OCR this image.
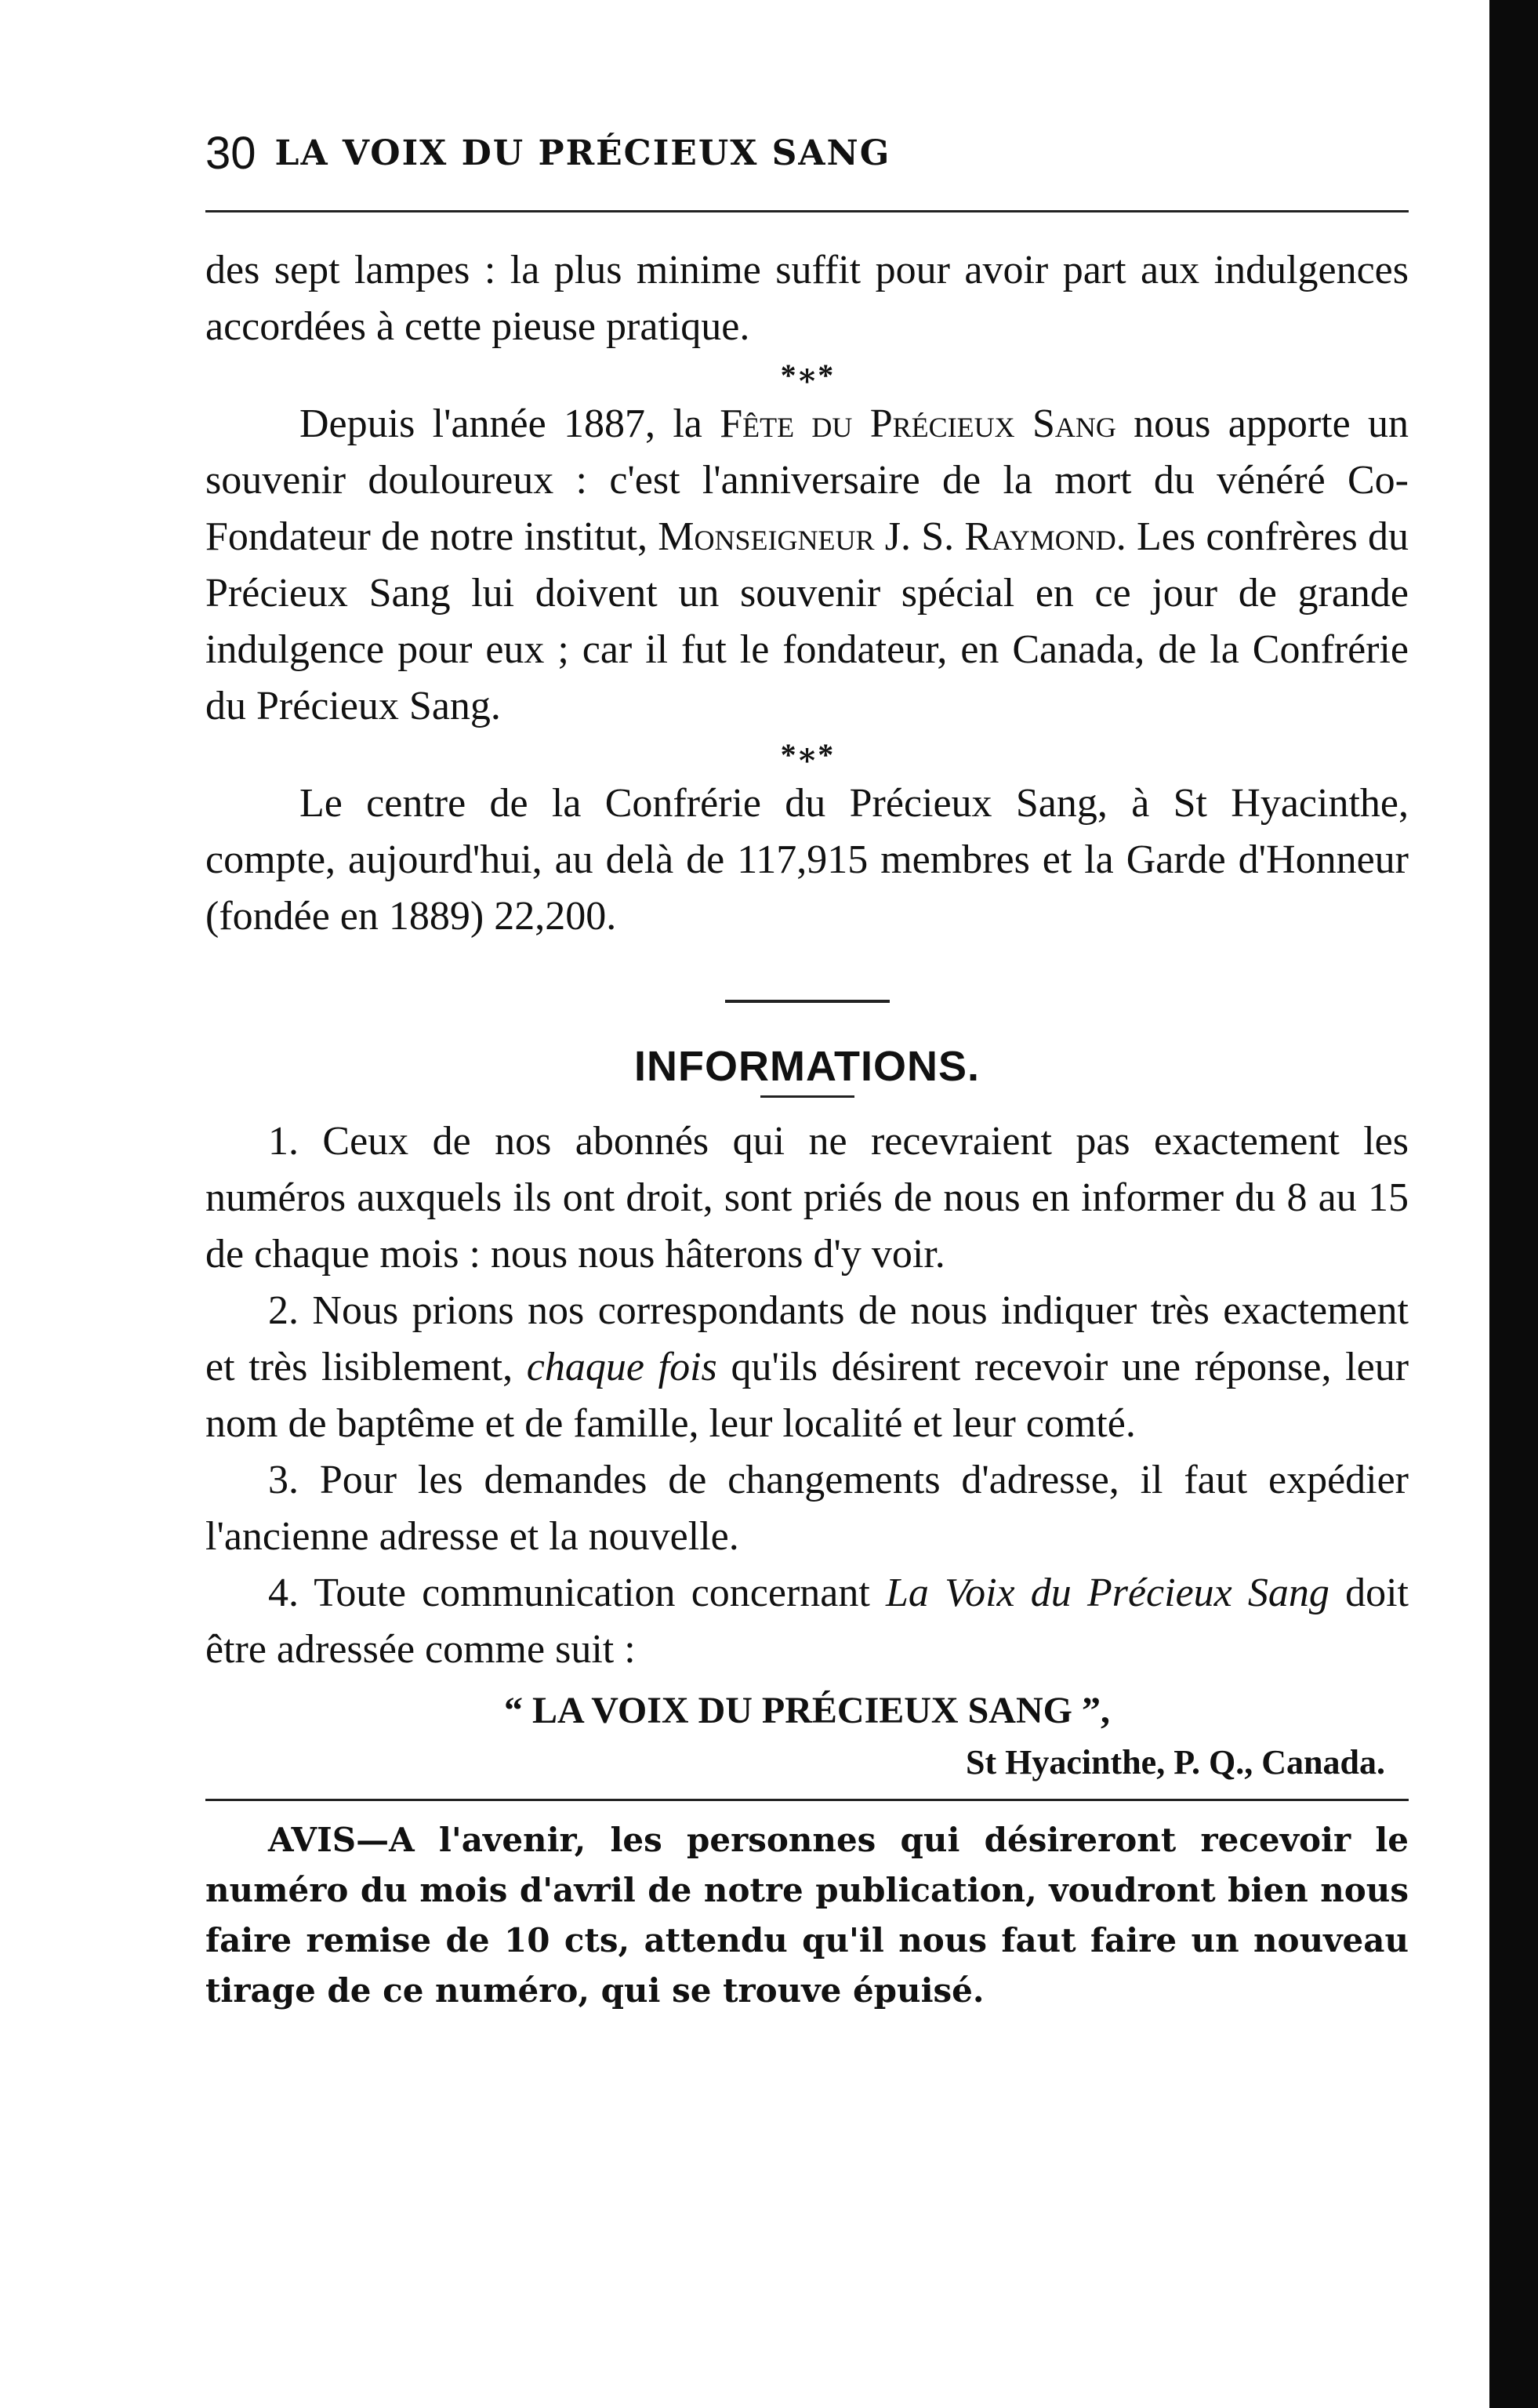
30 LA VOIX DU PRÉCIEUX SANG

des sept lampes : la plus minime suffit pour avoir part aux indulgences accordées à cette pieuse pratique.

*∗*

Depuis l'année 1887, la Fête du Précieux Sang nous apporte un souvenir douloureux : c'est l'anniversaire de la mort du vénéré Co-Fondateur de notre institut, Monseigneur J. S. Raymond. Les confrères du Précieux Sang lui doivent un souvenir spécial en ce jour de grande indulgence pour eux ; car il fut le fondateur, en Canada, de la Confrérie du Précieux Sang.

*∗*

Le centre de la Confrérie du Précieux Sang, à St Hyacinthe, compte, aujourd'hui, au delà de 117,915 membres et la Garde d'Honneur (fondée en 1889) 22,200.

INFORMATIONS.

1. Ceux de nos abonnés qui ne recevraient pas exactement les numéros auxquels ils ont droit, sont priés de nous en informer du 8 au 15 de chaque mois : nous nous hâterons d'y voir.

2. Nous prions nos correspondants de nous indiquer très exactement et très lisiblement, chaque fois qu'ils désirent recevoir une réponse, leur nom de baptême et de famille, leur localité et leur comté.

3. Pour les demandes de changements d'adresse, il faut expédier l'ancienne adresse et la nouvelle.

4. Toute communication concernant La Voix du Précieux Sang doit être adressée comme suit :

“ LA VOIX DU PRÉCIEUX SANG ”,
St Hyacinthe, P. Q., Canada.

AVIS—A l'avenir, les personnes qui désireront recevoir le numéro du mois d'avril de notre publication, voudront bien nous faire remise de 10 cts, attendu qu'il nous faut faire un nouveau tirage de ce numéro, qui se trouve épuisé.
